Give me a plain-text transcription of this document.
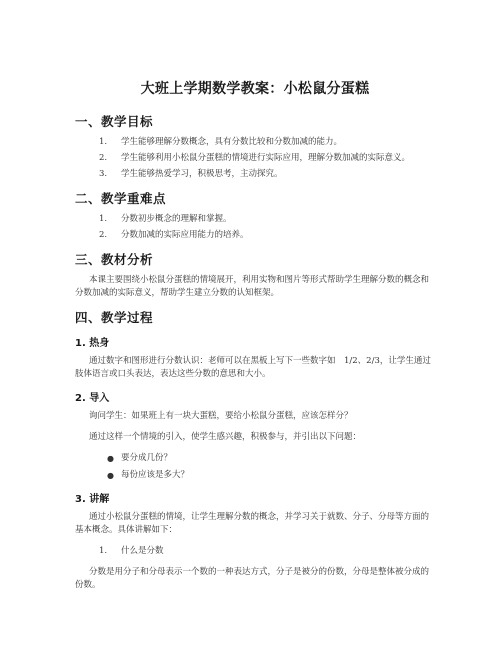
大班上学期数学教案：小松鼠分蛋糕
一、教学目标
1.	学生能够理解分数概念，具有分数比较和分数加减的能力。
2.	学生能够利用小松鼠分蛋糕的情境进行实际应用，理解分数加减的实际意义。
3.	学生能够热爱学习，积极思考，主动探究。
二、教学重难点
1.	分数初步概念的理解和掌握。
2.	分数加减的实际应用能力的培养。
三、教材分析

本课主要围绕小松鼠分蛋糕的情境展开，利用实物和图片等形式帮助学生理解分数的概念和分数加减的实际意义，帮助学生建立分数的认知框架。

四、教学过程
1. 热身

通过数字和图形进行分数认识：老师可以在黑板上写下一些数字如　1/2、2/3，让学生通过肢体语言或口头表达，表达这些分数的意思和大小。

2. 导入

询问学生：如果班上有一块大蛋糕，要给小松鼠分蛋糕，应该怎样分？

通过这样一个情境的引入，使学生感兴趣，积极参与，并引出以下问题：

● 要分成几份？
● 每份应该是多大？
3. 讲解

通过小松鼠分蛋糕的情境，让学生理解分数的概念，并学习关于就数、分子、分母等方面的基本概念。具体讲解如下：

1.	什么是分数

分数是用分子和分母表示一个数的一种表达方式，分子是被分的份数，分母是整体被分成的份数。
